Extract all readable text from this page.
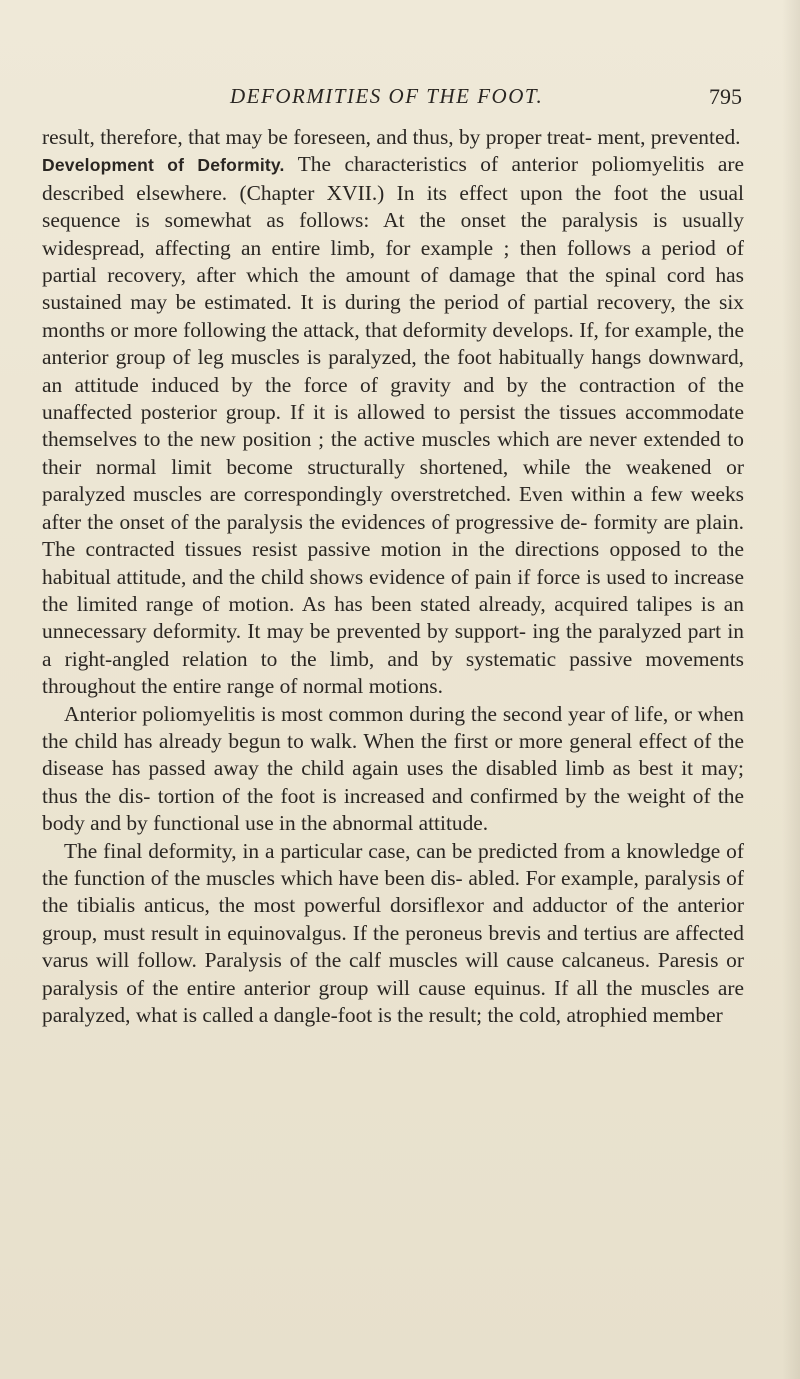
DEFORMITIES OF THE FOOT.	795

result, therefore, that may be foreseen, and thus, by proper treat- ment, prevented.

Development of Deformity. The characteristics of anterior poliomyelitis are described elsewhere. (Chapter XVII.) In its effect upon the foot the usual sequence is somewhat as follows: At the onset the paralysis is usually widespread, affecting an entire limb, for example ; then follows a period of partial recovery, after which the amount of damage that the spinal cord has sustained may be estimated. It is during the period of partial recovery, the six months or more following the attack, that deformity develops. If, for example, the anterior group of leg muscles is paralyzed, the foot habitually hangs downward, an attitude induced by the force of gravity and by the contraction of the unaffected posterior group. If it is allowed to persist the tissues accommodate themselves to the new position ; the active muscles which are never extended to their normal limit become structurally shortened, while the weakened or paralyzed muscles are correspondingly overstretched. Even within a few weeks after the onset of the paralysis the evidences of progressive de- formity are plain. The contracted tissues resist passive motion in the directions opposed to the habitual attitude, and the child shows evidence of pain if force is used to increase the limited range of motion. As has been stated already, acquired talipes is an unnecessary deformity. It may be prevented by support- ing the paralyzed part in a right-angled relation to the limb, and by systematic passive movements throughout the entire range of normal motions.

Anterior poliomyelitis is most common during the second year of life, or when the child has already begun to walk. When the first or more general effect of the disease has passed away the child again uses the disabled limb as best it may; thus the dis- tortion of the foot is increased and confirmed by the weight of the body and by functional use in the abnormal attitude.

The final deformity, in a particular case, can be predicted from a knowledge of the function of the muscles which have been dis- abled. For example, paralysis of the tibialis anticus, the most powerful dorsiflexor and adductor of the anterior group, must result in equinovalgus. If the peroneus brevis and tertius are affected varus will follow. Paralysis of the calf muscles will cause calcaneus. Paresis or paralysis of the entire anterior group will cause equinus. If all the muscles are paralyzed, what is called a dangle-foot is the result; the cold, atrophied member
